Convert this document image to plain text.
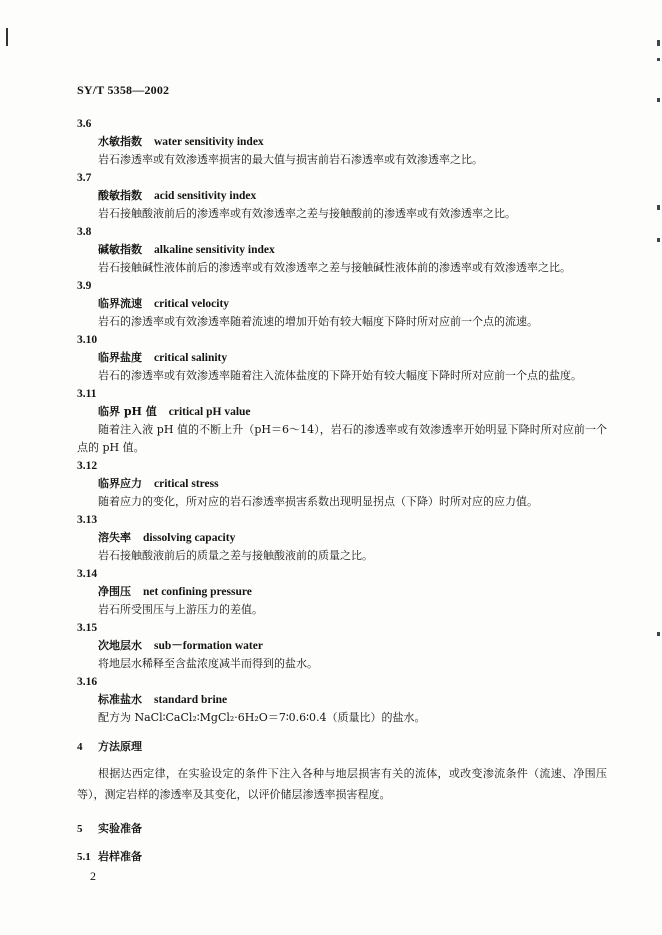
SY/T 5358—2002
3.6
水敏指数 water sensitivity index
岩石渗透率或有效渗透率损害的最大值与损害前岩石渗透率或有效渗透率之比。
3.7
酸敏指数 acid sensitivity index
岩石接触酸液前后的渗透率或有效渗透率之差与接触酸前的渗透率或有效渗透率之比。
3.8
碱敏指数 alkaline sensitivity index
岩石接触碱性液体前后的渗透率或有效渗透率之差与接触碱性液体前的渗透率或有效渗透率之比。
3.9
临界流速 critical velocity
岩石的渗透率或有效渗透率随着流速的增加开始有较大幅度下降时所对应前一个点的流速。
3.10
临界盐度 critical salinity
岩石的渗透率或有效渗透率随着注入流体盐度的下降开始有较大幅度下降时所对应前一个点的盐度。
3.11
临界 pH 值 critical pH value
随着注入液 pH 值的不断上升（pH＝6～14），岩石的渗透率或有效渗透率开始明显下降时所对应前一个点的 pH 值。
3.12
临界应力 critical stress
随着应力的变化，所对应的岩石渗透率损害系数出现明显拐点（下降）时所对应的应力值。
3.13
溶失率 dissolving capacity
岩石接触酸液前后的质量之差与接触酸液前的质量之比。
3.14
净围压 net confining pressure
岩石所受围压与上游压力的差值。
3.15
次地层水 sub－formation water
将地层水稀释至含盐浓度减半而得到的盐水。
3.16
标准盐水 standard brine
配方为 NaCl∶CaCl₂∶MgCl₂·6H₂O＝7∶0.6∶0.4（质量比）的盐水。
4 方法原理
根据达西定律，在实验设定的条件下注入各种与地层损害有关的流体，或改变渗流条件（流速、净围压等），测定岩样的渗透率及其变化，以评价储层渗透率损害程度。
5 实验准备
5.1 岩样准备
2
